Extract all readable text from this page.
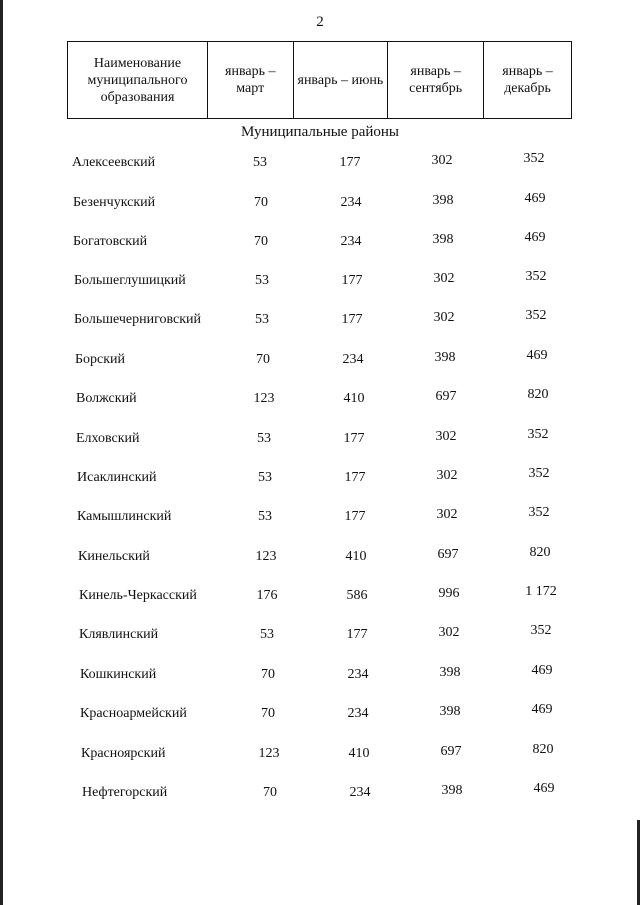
2
Наименование муниципального образования	январь – март	январь – июнь	январь – сентябрь	январь – декабрь
Муниципальные районы
Алексеевский	53	177	302	352
Безенчукский	70	234	398	469
Богатовский	70	234	398	469
Большеглушицкий	53	177	302	352
Большечерниговский	53	177	302	352
Борский	70	234	398	469
Волжский	123	410	697	820
Елховский	53	177	302	352
Исаклинский	53	177	302	352
Камышлинский	53	177	302	352
Кинельский	123	410	697	820
Кинель-Черкасский	176	586	996	1 172
Клявлинский	53	177	302	352
Кошкинский	70	234	398	469
Красноармейский	70	234	398	469
Красноярский	123	410	697	820
Нефтегорский	70	234	398	469
